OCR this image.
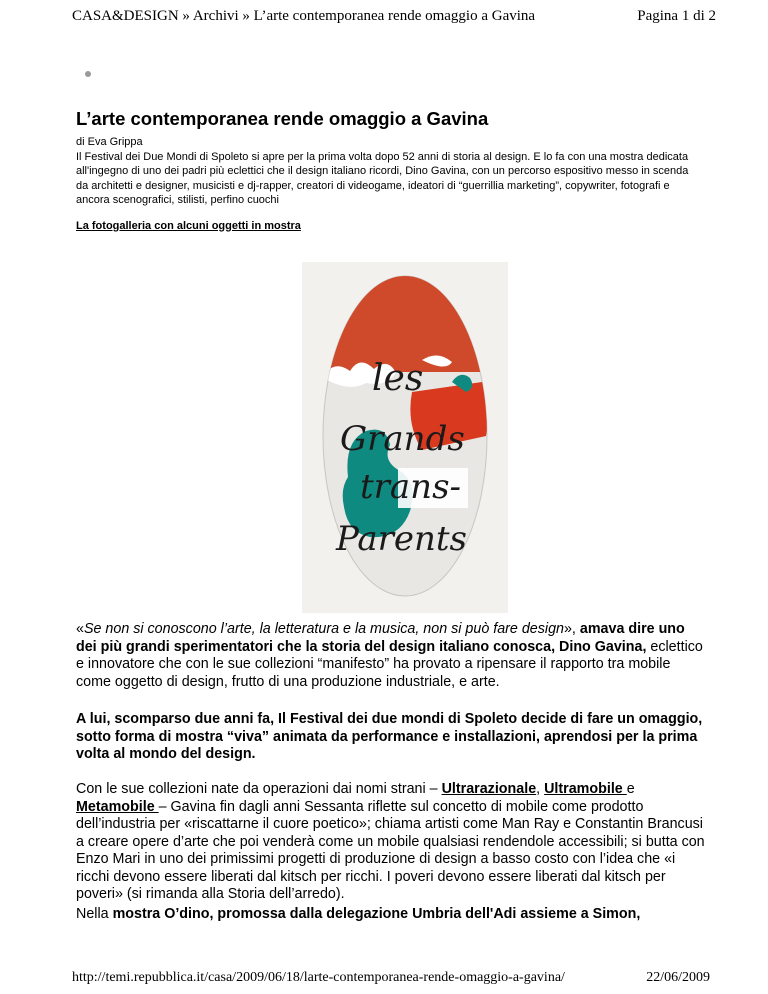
CASA&DESIGN » Archivi » L’arte contemporanea rende omaggio a Gavina	Pagina 1 di 2
L’arte contemporanea rende omaggio a Gavina

di Eva Grippa

Il Festival dei Due Mondi di Spoleto si apre per la prima volta dopo 52 anni di storia al design. E lo fa con una mostra dedicata all'ingegno di uno dei padri più eclettici che il design italiano ricordi, Dino Gavina, con un percorso espositivo messo in scenda da architetti e designer, musicisti e dj-rapper, creatori di videogame, ideatori di “guerrillia marketing”, copywriter, fotografi e ancora scenografici, stilisti, perfino cuochi

La fotogalleria con alcuni oggetti in mostra
les
Grands
trans-
Parents

«Se non si conoscono l’arte, la letteratura e la musica, non si può fare design», amava dire uno dei più grandi sperimentatori che la storia del design italiano conosca, Dino Gavina, eclettico e innovatore che con le sue collezioni “manifesto” ha provato a ripensare il rapporto tra mobile come oggetto di design, frutto di una produzione industriale, e arte.

A lui, scomparso due anni fa, Il Festival dei due mondi di Spoleto decide di fare un omaggio, sotto forma di mostra “viva” animata da performance e installazioni, aprendosi per la prima volta al mondo del design.

Con le sue collezioni nate da operazioni dai nomi strani – Ultrarazionale, Ultramobile e Metamobile – Gavina fin dagli anni Sessanta riflette sul concetto di mobile come prodotto dell’industria per «riscattarne il cuore poetico»; chiama artisti come Man Ray e Constantin Brancusi a creare opere d’arte che poi venderà come un mobile qualsiasi rendendole accessibili; si butta con Enzo Mari in uno dei primissimi progetti di produzione di design a basso costo con l’idea che «i ricchi devono essere liberati dal kitsch per ricchi. I poveri devono essere liberati dal kitsch per poveri» (si rimanda alla Storia dell’arredo).

Nella mostra O’dino, promossa dalla delegazione Umbria dell'Adi assieme a Simon,

http://temi.repubblica.it/casa/2009/06/18/larte-contemporanea-rende-omaggio-a-gavina/	22/06/2009
